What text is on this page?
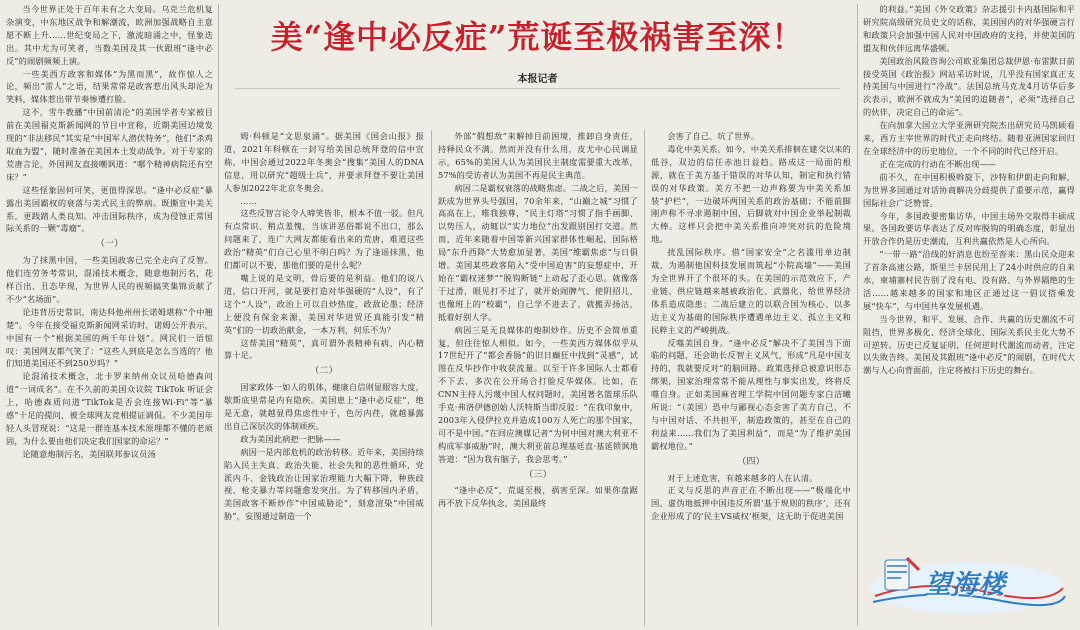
当今世界正处于百年未有之大变局。乌克兰危机复杂演变，中东地区战争和解潮流，欧洲加强战略自主意愿不断上升……世纪变局之下，激流暗涌之中，怪象迭出。其中尤为可笑者，当数美国及其一伙跟班“逢中必反”的闹剧频频上演。

一些美西方政客和媒体“为黑而黑”，故作惊人之论，频出“雷人”之语，结果常常是政客惹出风头却沦为笑料，媒体惹出带节奏惨遭打脸。

这不，雪牛教播“中国前清沦”的美国学者专家被目前在美国福克斯新闻网的节目中宣称，近期美国边境发现的“非法移民”其实是“中国军人潜伏特务”，他们“杀鸡取血为盟”，随时准备在美国本土发动战争。对于专家的荒唐言论，外国网友直接嘲讽道：“哪个精神病院还有空床？”

这些怪象因何可笑，更值得深思。“逢中必反症”暴露出美国霸权的衰落与美式民主的弊病。既撕宣中美关系，更践踏人类良知。冲击国际秩序，成为侵蚀正常国际关系的一颗“毒瘤”。

（一）

为了抹黑中国，一些美国政客已完全走向了反智。他们连劳务考常识，混淆技术概念，随意炮制污名，花样百出、丑态毕现，为世界人民的视频搞笑集锦贡献了不少“名场面”。

论违背历史常识，南达科他州州长诺姆堪称“个中翘楚”。今年在接受福克斯新闻网采访时，诺姆公开表示，中国有一个“根据美国的两千年计划”。网民们一语惊叹：美国网友都气笑了：“这些人到底是怎么当选的？他们知道美国还不到250岁吗？”

论混淆技术概念，北卡罗来纳州众议员哈德森问道“一词成名”。在不久前的美国众议院 TikTok 听证会上，哈德森质问道“TikTok是否会连接Wi-Fi”等“暴惑”十足的提问，被全球网友竞相提证调侃。不少美国年轻人头冒现说：“这是一群连基本技术原理都不懂的老顽固，为什么要由他们决定我们国家的命运？”

论随意炮制污名，美国联邦参议员汤

美“逢中必反症”荒诞至极祸害至深！
本报记者

姆·科顿是“文思泉涌”。据美国《国会山报》报道，2021年科顿在一封写给美国总统拜登的信中宣称，中国会通过2022年冬奥会“搜集”美国人的DNA信息，用以研究“超级士兵”，并要求拜登不要让美国人参加2022年北京冬奥会。

……

这些反智言论令人啼笑皆非，根本不值一驳。但凡有点常识、稍点羞愧，当该讲恶俗都说不出口，那么问题来了，连广大网友都能看出来的荒唐，难道这些政治“精英”们自己心里不明白吗？为了逢谣抹黑，他们都可以不要，那他们要的是什么呢？

嘴上说的是文明，骨后要的是利益。他们的说八道，信口开河，就是要打造对华强硬的“人设”，有了这个“人设”，政治上可以自炒热度，政敌论墨；经济上便没有保金来源，美国对华进贸还真能引发“精英”们的一切政治献金，一本万利，何乐不为？

这帮美国“精英”，真可谓外表精神有病、内心精算十足。

（二）

国家政体一如人的肌体，健康自信则显眼容大度，歇斯底里常是内有隐疾。美国患上“逢中必反症”，绝是无意，就越显得焦虑性中于，色厉内荏，就越暴露出自己深层次的体制顽疾。

政为美国此病把一把脉——

病因一是内部危机的政治转移。近年来，美国持续陷入民主失真、政治失能、社会失和的恶性循环，党派内斗、金钱政治让国家治理能力大幅下降，种族歧视、枪支暴力等问题愈发突出。为了转移国内矛盾，美国政客不断炒作“中国威胁论”，刻意渲染“中国威胁”，妄图通过制造一个

外部“假想敌”来解掉目前困境，推卸自身责任，持释民众不满。然而并没有什么用，皮尤中心民调显示，65%的美国人认为美国民主制度需要重大改革，57%的受访者认为美国不再是民主典范。

病因二是霸权衰落的战略焦虑。二战之后，美国一跃成为世界头号强国，70余年来，“山巅之城”习惯了高高在上，唯我独尊，“民主灯塔”习惯了指手画脚、以势压人，动辄以“实力地位”出发跟别国打交道。然而，近年来随着中国等新兴国家群体性崛起，国际格局“东升西降”大势愈加显著，美国“维霸焦虑”与日俱增。美国某些政客陷入“受中国迫害”的妄想症中，开始在“霸权迷梦”“脱钩断链”上动起了歪心思。就像落于过滑，眼见打不过了，就开始闹脾气、使阴招儿，也像班上的“校霸”，自己学不进去了，就搬弄扬沽，抵着好别人学。

病因三是无良媒体的炮制炒作。历史不会简单重复，但往往惊人相似。如今，一些美西方媒体似乎从17世纪开了“都会香肠”的旧日癫狂中找到“灵感”，试图在反华抄作中收获流量。以至于许多国际人士都看不下去，多次在公开场合打脸反华媒体。比如，在CNN主持人污蔑中国人权问题时，美国著名篮球乐队手克·弗洛伊德创始人沃特斯当即反驳：“在我印象中，2003年入侵伊拉克并造成100万人死亡的那个国家，可不是中国。”在回应澳媒记者“为何中国对澳大利亚不构成军事威胁”时，澳大利亚前总理基廷直·基延锁讽地答道：“因为我有脑子，我会思考。”

（三）

“逢中必反”，荒诞至极，祸害至深。如果你盘踞再不放下反华执念，美国最终

会害了自己、坑了世界。

毒化中美关系。如今，中美关系排徊在建交以来的低谷，双边的信任赤池日益趋。路成这一局面的根源，就在于美方基于错误的对华认知，制定和执行错误的对华政策。美方不把一边声称要为中美关系加装“护栏”，一边破坏两国关系的政治基础；不能前脚刚声称不寻求遏制中国，后脚就对中国企业举起制裁大棒。这样只会把中美关系推向冲突对抗的危险境地。

扰乱国际秩序。借“国家安全”之名滥用单边制裁，为遏制他国科技发展而筑起“小院高墙”——美国为全世界开了个很坏的头。在美国的示范效应下，产业链、供应链越来越被政治化、武器化，给世界经济体系造成隐患；二战后建立的以联合国为核心、以多边主义为基础的国际秩序遭遇单边主义、孤立主义和民粹主义的严峻挑战。

反噬美国自身。“逢中必反”解决不了美国当下面临的问题，还会助长反智主义风气，形成“凡是中国支持的，我就要反对”的脑回路。政策选择总被意识形态绑架，国家治理常常不能从理性与事实出发，终将反噬自身。正如美国麻省理工学院中国问题专家白洁曦所说：“（美国）恐中与鄙视心态会害了美方自己，不与中国对话、不共担平，制造政策的，甚至在自己的利益来……我们为了美国利益”，而是“为了维护美国霸权地位。”

（四）

对于上述危害，有越来越多的人在认清。

正义与反思的声音正在不断出现——“极端化中国、虚伪地抵押中国违反所谓‘基于规则的秩序’，还有企业形成了的‘民主VS威权’框架，这无助于促进美国

的利益。”美国《外交政策》杂志援引卡内基国际和平研究院高级研究员史文的话称，美国国内的对华强硬言行和政策只会加强中国人民对中国政府的支持，并使美国的盟友和伙伴远离华盛顿。

美国政治风险咨询公司欧亚集团总裁伊恩·布雷默日前接受英国《政治报》网站采访时说，几乎没有国家真正支持美国与中国进行“冷战”。法国总统马克龙4月访华后多次表示，欧洲不就成为“美国的追随者”，必须“选择自己的伙伴，决定自己的命运”。

在向加拿大国立大学亚洲研究院杰出研究员马凯硕看来，西方主宰世界的时代正走向终结。随着亚洲国家回归在全球经济中的历史地位，一个不同的时代已经开启。

正在完成的行动在不断出现——

前不久，在中国积极斡旋下，沙特和伊朗走向和解，为世界多国通过对话协商解决分歧提供了重要示范，赢得国际社会广泛赞誉。

今年，多国政要密集访华，中国主场外交取得丰硕成果。各国政要访华表达了反对库脱钩的明确态度，彰显出开放合作仍是历史潮流，互利共赢依然是人心所向。

“一带一路”沿线的好消息也纷至沓来：黑山民众迎来了首条高速公路，斯里兰卡居民用上了24小时供应的自来水，柬埔寨村民告别了没有电、没有路、与外界隔绝的生活……越来越多的国家和地区正通过这一倡议搭乘发展“快车”，与中国共享发展机遇。

当今世界，和平、发展、合作、共赢的历史潮流不可阻挡，世界多极化、经济全球化、国际关系民主化大势不可逆转。历史已反复证明，任何逆时代潮流而动者，注定以失败告终。美国及其跟班“逢中必反”的闹剧，在时代大潮与人心向背面前，注定将被扫下历史的舞台。

望海楼
